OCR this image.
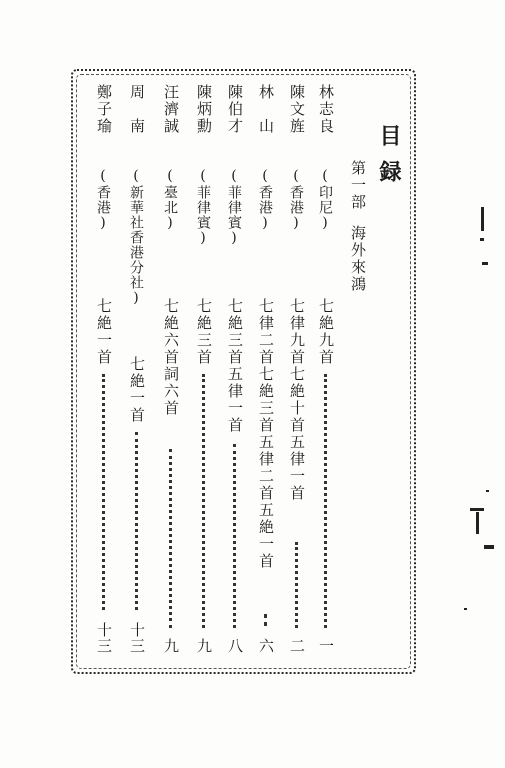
目録
第一部海外來鴻
林志良
(印尼)
七絶九首
一
陳文旌
(香港)
七律九首七絶十首五律一首
二
林　山
(香港)
七律二首七絶三首五律二首五絶一首
六
陳伯才
(菲律賓)
七絶三首五律一首
八
陳炳勳
(菲律賓)
七絶三首
九
汪濟誠
(臺北)
七絶六首詞六首
九
周　南
(新華社香港分社)
七絶一首
十三
鄭子瑜
(香港)
七絶一首
十三
